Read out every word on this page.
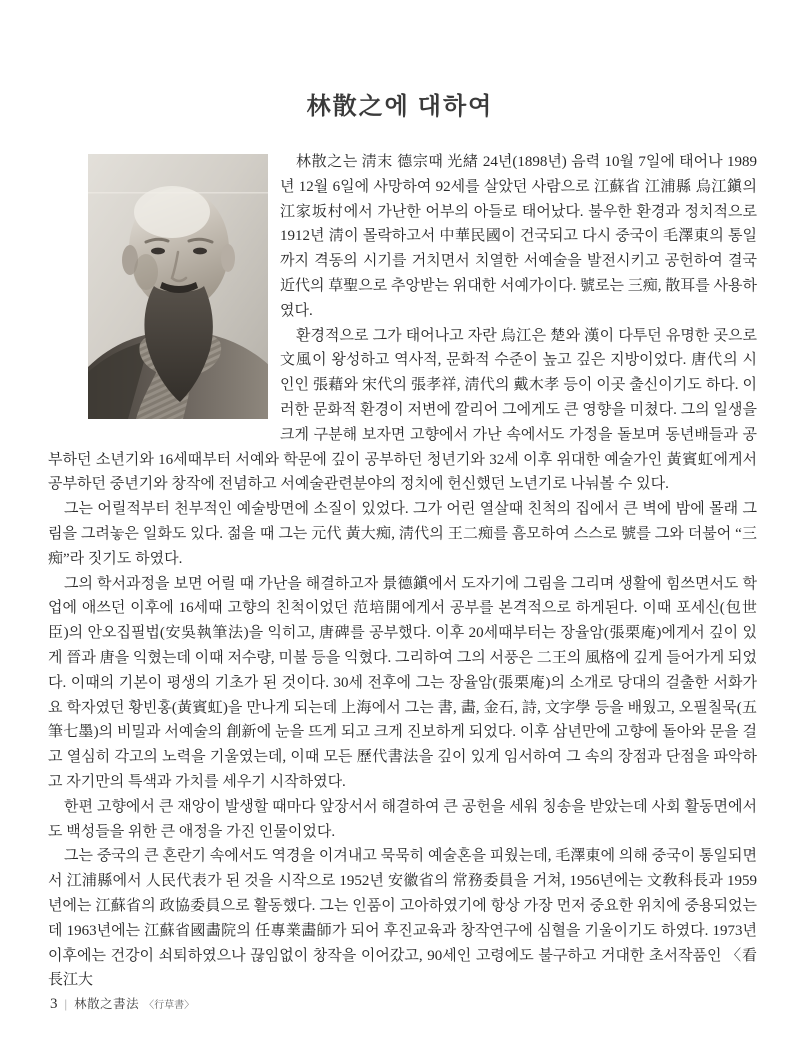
林散之에 대하여

林散之는 淸末 德宗때 光緖 24년(1898년) 음력 10월 7일에 태어나 1989년 12월 6일에 사망하여 92세를 살았던 사람으로 江蘇省 江浦縣 烏江鎭의 江家坂村에서 가난한 어부의 아들로 태어났다. 불우한 환경과 정치적으로 1912년 淸이 몰락하고서 中華民國이 건국되고 다시 중국이 毛澤東의 통일까지 격동의 시기를 거치면서 치열한 서예술을 발전시키고 공헌하여 결국 近代의 草聖으로 추앙받는 위대한 서예가이다. 號로는 三痴, 散耳를 사용하였다.

환경적으로 그가 태어나고 자란 烏江은 楚와 漢이 다투던 유명한 곳으로 文風이 왕성하고 역사적, 문화적 수준이 높고 깊은 지방이었다. 唐代의 시인인 張藉와 宋代의 張孝祥, 淸代의 戴木孝 등이 이곳 출신이기도 하다. 이러한 문화적 환경이 저변에 깔리어 그에게도 큰 영향을 미쳤다. 그의 일생을 크게 구분해 보자면 고향에서 가난 속에서도 가정을 돌보며 동년배들과 공부하던 소년기와 16세때부터 서예와 학문에 깊이 공부하던 청년기와 32세 이후 위대한 예술가인 黃賓虹에게서 공부하던 중년기와 창작에 전념하고 서예술관련분야의 정치에 헌신했던 노년기로 나눠볼 수 있다.

그는 어릴적부터 천부적인 예술방면에 소질이 있었다. 그가 어린 열살때 친척의 집에서 큰 벽에 밤에 몰래 그림을 그려놓은 일화도 있다. 젊을 때 그는 元代 黃大痴, 淸代의 王二痴를 흠모하여 스스로 號를 그와 더불어 “三痴”라 짓기도 하였다.

그의 학서과정을 보면 어릴 때 가난을 해결하고자 景德鎭에서 도자기에 그림을 그리며 생활에 힘쓰면서도 학업에 애쓰던 이후에 16세때 고향의 친척이었던 范培開에게서 공부를 본격적으로 하게된다. 이때 포세신(包世臣)의 안오집필법(安吳執筆法)을 익히고, 唐碑를 공부했다. 이후 20세때부터는 장율암(張栗庵)에게서 깊이 있게 晉과 唐을 익혔는데 이때 저수량, 미불 등을 익혔다. 그리하여 그의 서풍은 二王의 風格에 깊게 들어가게 되었다. 이때의 기본이 평생의 기초가 된 것이다. 30세 전후에 그는 장율암(張栗庵)의 소개로 당대의 걸출한 서화가요 학자였던 황빈홍(黃賓虹)을 만나게 되는데 上海에서 그는 書, 畵, 金石, 詩, 文字學 등을 배웠고, 오필칠묵(五筆七墨)의 비밀과 서예술의 創新에 눈을 뜨게 되고 크게 진보하게 되었다. 이후 삼년만에 고향에 돌아와 문을 걸고 열심히 각고의 노력을 기울였는데, 이때 모든 歷代書法을 깊이 있게 임서하여 그 속의 장점과 단점을 파악하고 자기만의 특색과 가치를 세우기 시작하였다.

한편 고향에서 큰 재앙이 발생할 때마다 앞장서서 해결하여 큰 공헌을 세워 칭송을 받았는데 사회 활동면에서도 백성들을 위한 큰 애정을 가진 인물이었다.

그는 중국의 큰 혼란기 속에서도 역경을 이겨내고 묵묵히 예술혼을 피웠는데, 毛澤東에 의해 중국이 통일되면서 江浦縣에서 人民代表가 된 것을 시작으로 1952년 安徽省의 常務委員을 거쳐, 1956년에는 文敎科長과 1959년에는 江蘇省의 政協委員으로 활동했다. 그는 인품이 고아하였기에 항상 가장 먼저 중요한 위치에 중용되었는데 1963년에는 江蘇省國畵院의 任專業畵師가 되어 후진교육과 창작연구에 심혈을 기울이기도 하였다. 1973년 이후에는 건강이 쇠퇴하였으나 끊임없이 창작을 이어갔고, 90세인 고령에도 불구하고 거대한 초서작품인 〈看長江大

3 | 林散之書法 〈行草書〉
